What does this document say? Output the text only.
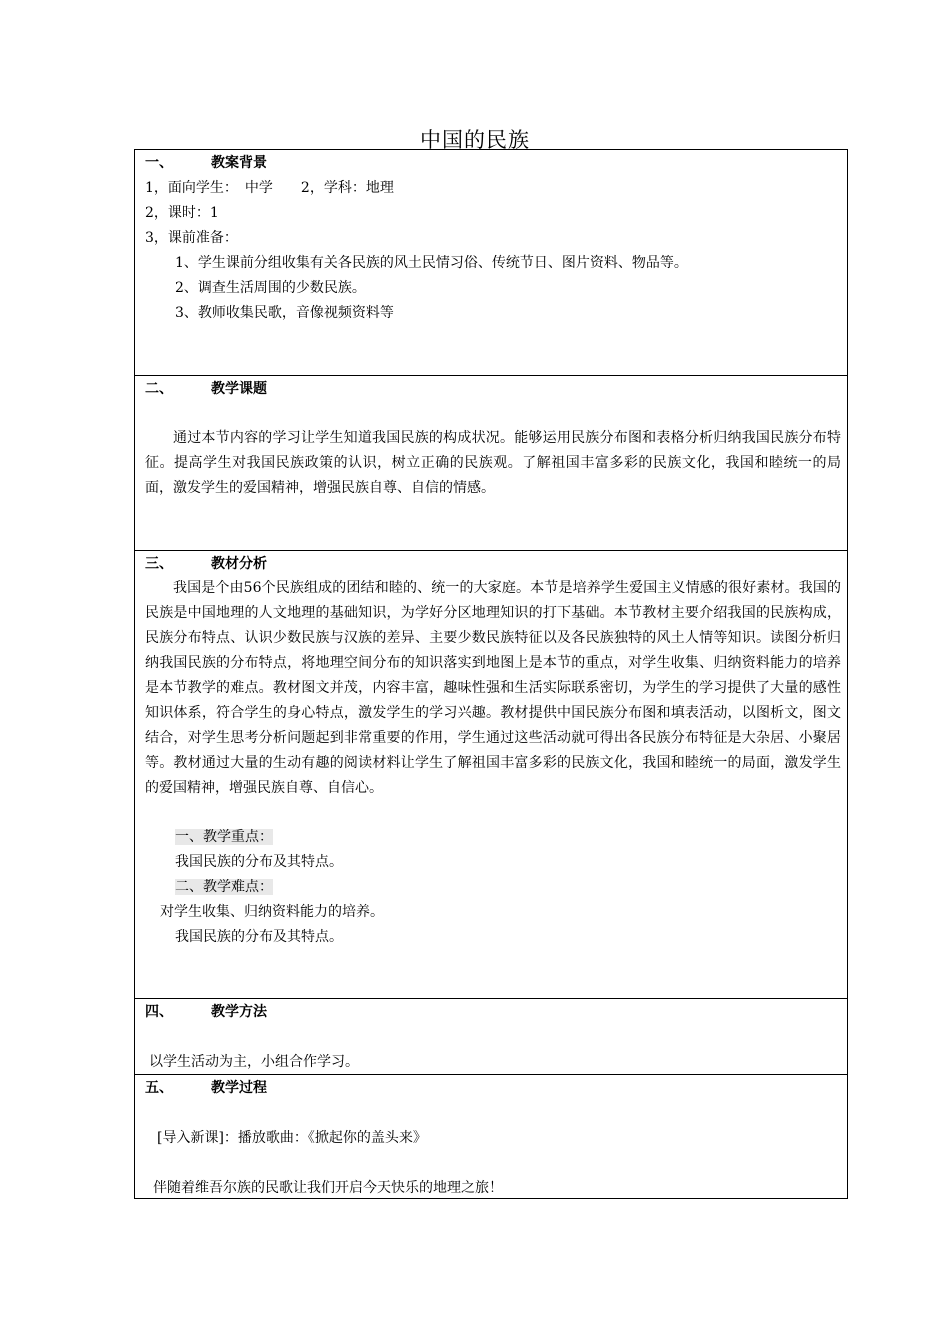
中国的民族
一、	教案背景
1，面向学生：　中学　　2，学科：地理
2，课时：1
3，课前准备：
1、学生课前分组收集有关各民族的风土民情习俗、传统节日、图片资料、物品等。
2、调查生活周围的少数民族。
3、教师收集民歌，音像视频资料等
二、	教学课题
通过本节内容的学习让学生知道我国民族的构成状况。能够运用民族分布图和表格分析归纳我国民族分布特征。提高学生对我国民族政策的认识，树立正确的民族观。了解祖国丰富多彩的民族文化，我国和睦统一的局面，激发学生的爱国精神，增强民族自尊、自信的情感。
三、	教材分析
我国是个由56个民族组成的团结和睦的、统一的大家庭。本节是培养学生爱国主义情感的很好素材。我国的民族是中国地理的人文地理的基础知识，为学好分区地理知识的打下基础。本节教材主要介绍我国的民族构成，民族分布特点、认识少数民族与汉族的差异、主要少数民族特征以及各民族独特的风土人情等知识。读图分析归纳我国民族的分布特点，将地理空间分布的知识落实到地图上是本节的重点，对学生收集、归纳资料能力的培养是本节教学的难点。教材图文并茂，内容丰富，趣味性强和生活实际联系密切，为学生的学习提供了大量的感性知识体系，符合学生的身心特点，激发学生的学习兴趣。教材提供中国民族分布图和填表活动，以图析文，图文结合，对学生思考分析问题起到非常重要的作用，学生通过这些活动就可得出各民族分布特征是大杂居、小聚居等。教材通过大量的生动有趣的阅读材料让学生了解祖国丰富多彩的民族文化，我国和睦统一的局面，激发学生的爱国精神，增强民族自尊、自信心。
一、教学重点：
我国民族的分布及其特点。
二、教学难点：
对学生收集、归纳资料能力的培养。
我国民族的分布及其特点。
四、	教学方法
以学生活动为主，小组合作学习。
五、	教学过程
[导入新课]：播放歌曲：《掀起你的盖头来》
伴随着维吾尔族的民歌让我们开启今天快乐的地理之旅！
